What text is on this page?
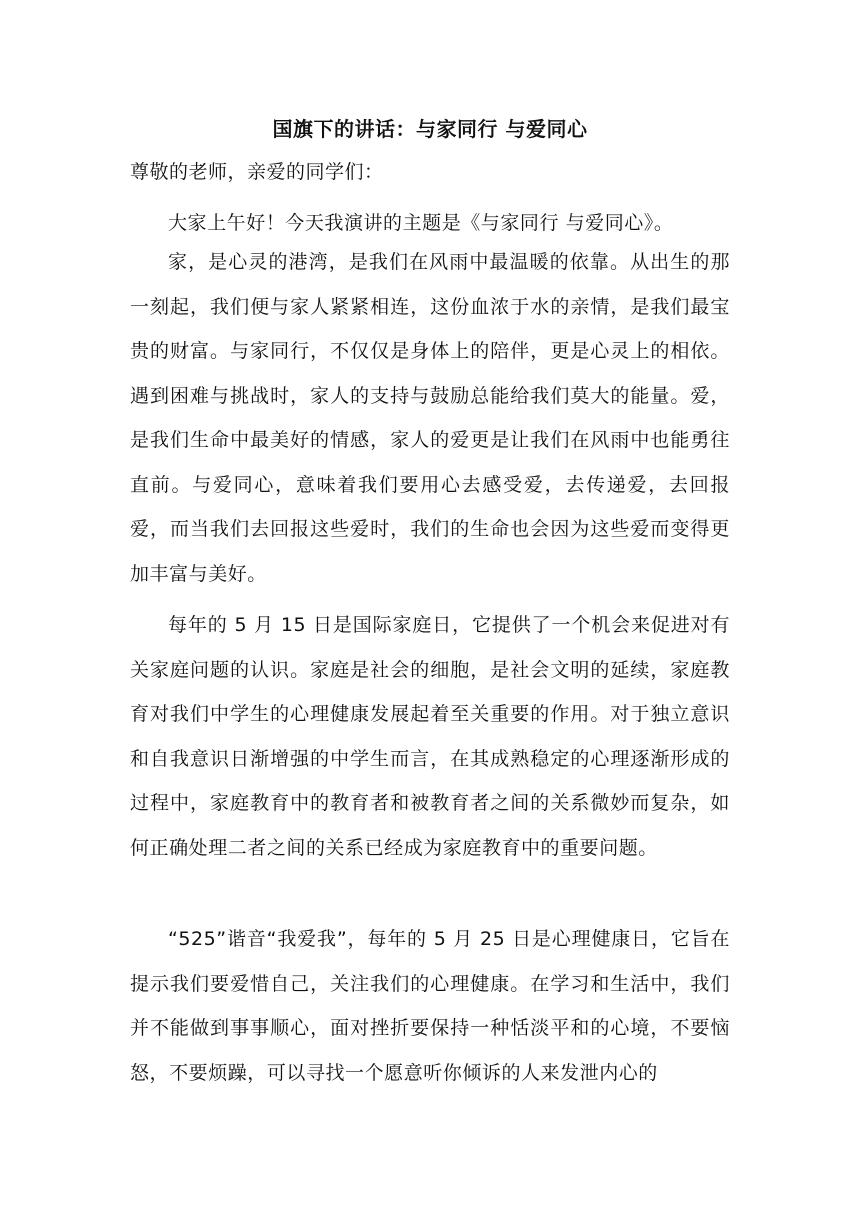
国旗下的讲话：与家同行 与爱同心
尊敬的老师，亲爱的同学们：

大家上午好！今天我演讲的主题是《与家同行 与爱同心》。

家，是心灵的港湾，是我们在风雨中最温暖的依靠。从出生的那一刻起，我们便与家人紧紧相连，这份血浓于水的亲情，是我们最宝贵的财富。与家同行，不仅仅是身体上的陪伴，更是心灵上的相依。遇到困难与挑战时，家人的支持与鼓励总能给我们莫大的能量。爱，是我们生命中最美好的情感，家人的爱更是让我们在风雨中也能勇往直前。与爱同心，意味着我们要用心去感受爱，去传递爱，去回报爱，而当我们去回报这些爱时，我们的生命也会因为这些爱而变得更加丰富与美好。

每年的 5 月 15 日是国际家庭日，它提供了一个机会来促进对有关家庭问题的认识。家庭是社会的细胞，是社会文明的延续，家庭教育对我们中学生的心理健康发展起着至关重要的作用。对于独立意识和自我意识日渐增强的中学生而言，在其成熟稳定的心理逐渐形成的过程中，家庭教育中的教育者和被教育者之间的关系微妙而复杂，如何正确处理二者之间的关系已经成为家庭教育中的重要问题。

“525”谐音“我爱我”，每年的 5 月 25 日是心理健康日，它旨在提示我们要爱惜自己，关注我们的心理健康。在学习和生活中，我们并不能做到事事顺心，面对挫折要保持一种恬淡平和的心境，不要恼怒，不要烦躁，可以寻找一个愿意听你倾诉的人来发泄内心的
